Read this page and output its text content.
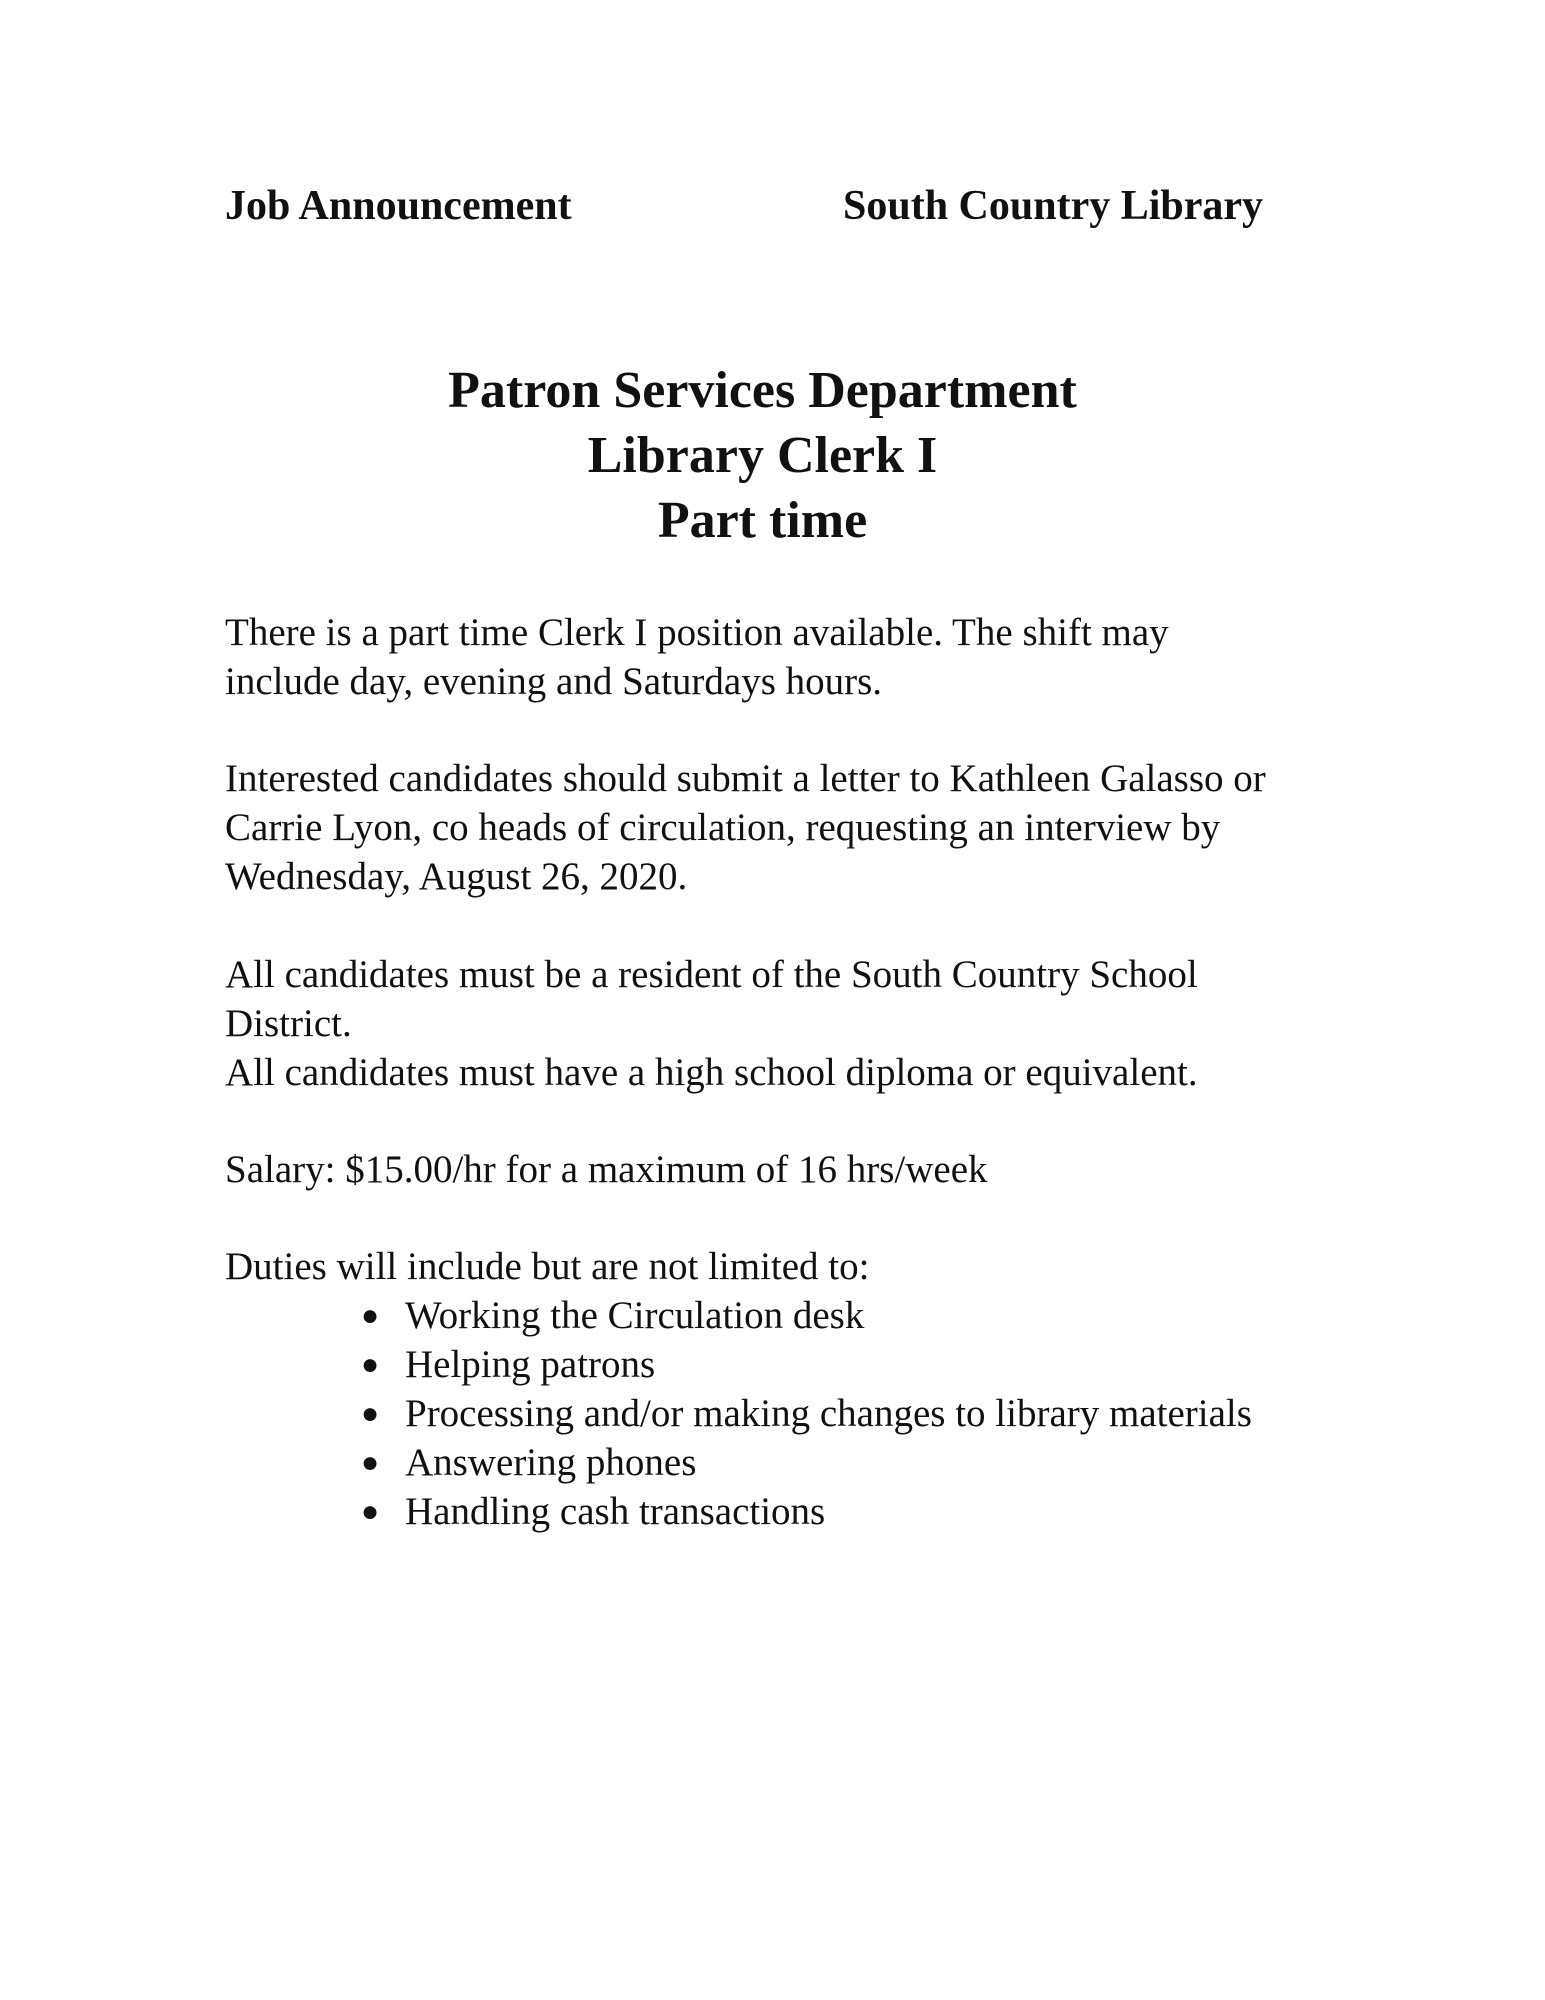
Job Announcement	South Country Library
Patron Services Department
Library Clerk I
Part time
There is a part time Clerk I position available. The shift may
include day, evening and Saturdays hours.
Interested candidates should submit a letter to Kathleen Galasso or
Carrie Lyon, co heads of circulation, requesting an interview by
Wednesday, August 26, 2020.
All candidates must be a resident of the South Country School
District.
All candidates must have a high school diploma or equivalent.
Salary: $15.00/hr for a maximum of 16 hrs/week
Duties will include but are not limited to:
● Working the Circulation desk
● Helping patrons
● Processing and/or making changes to library materials
● Answering phones
● Handling cash transactions
